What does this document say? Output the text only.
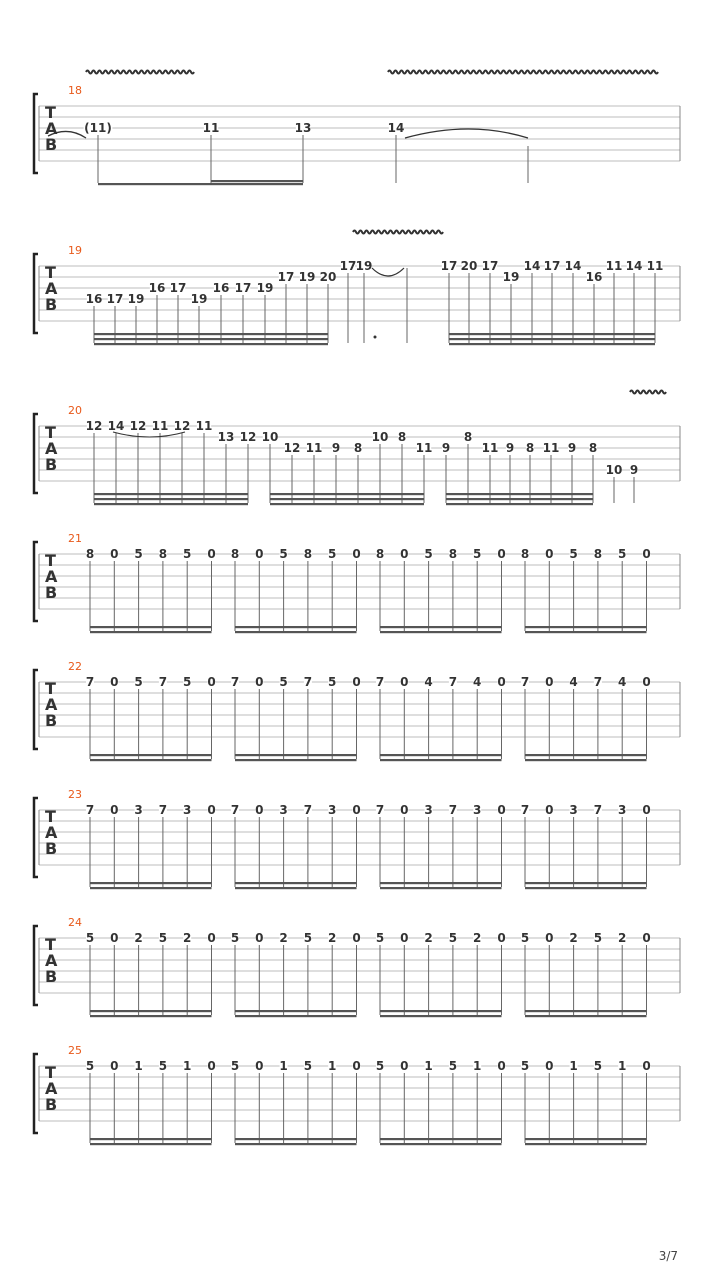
18
T
A
B
(11)	11	13	14
19
T
A
B 16 17 19
16 17
19
16 17 19
17 19 20
17 19	17 20 17
19
14 17 14
16
11 14 11
20
T
A
B
12 14 12 11 12 11
13 12 10
12 11 9 8
10 8
11 9
8
11 9 8 11 9 8
10 9
21
T
A
B
8 0 5 8 5 0 8 0 5 8 5 0 8 0 5 8 5 0 8 0 5 8 5 0
22
T
A
B
7 0 5 7 5 0 7 0 5 7 5 0 7 0 4 7 4 0 7 0 4 7 4 0
23
T
A
B
7 0 3 7 3 0 7 0 3 7 3 0 7 0 3 7 3 0 7 0 3 7 3 0
24
T
A
B
5 0 2 5 2 0 5 0 2 5 2 0 5 0 2 5 2 0 5 0 2 5 2 0
25
T
A
B
5 0 1 5 1 0 5 0 1 5 1 0 5 0 1 5 1 0 5 0 1 5 1 0
3/7
